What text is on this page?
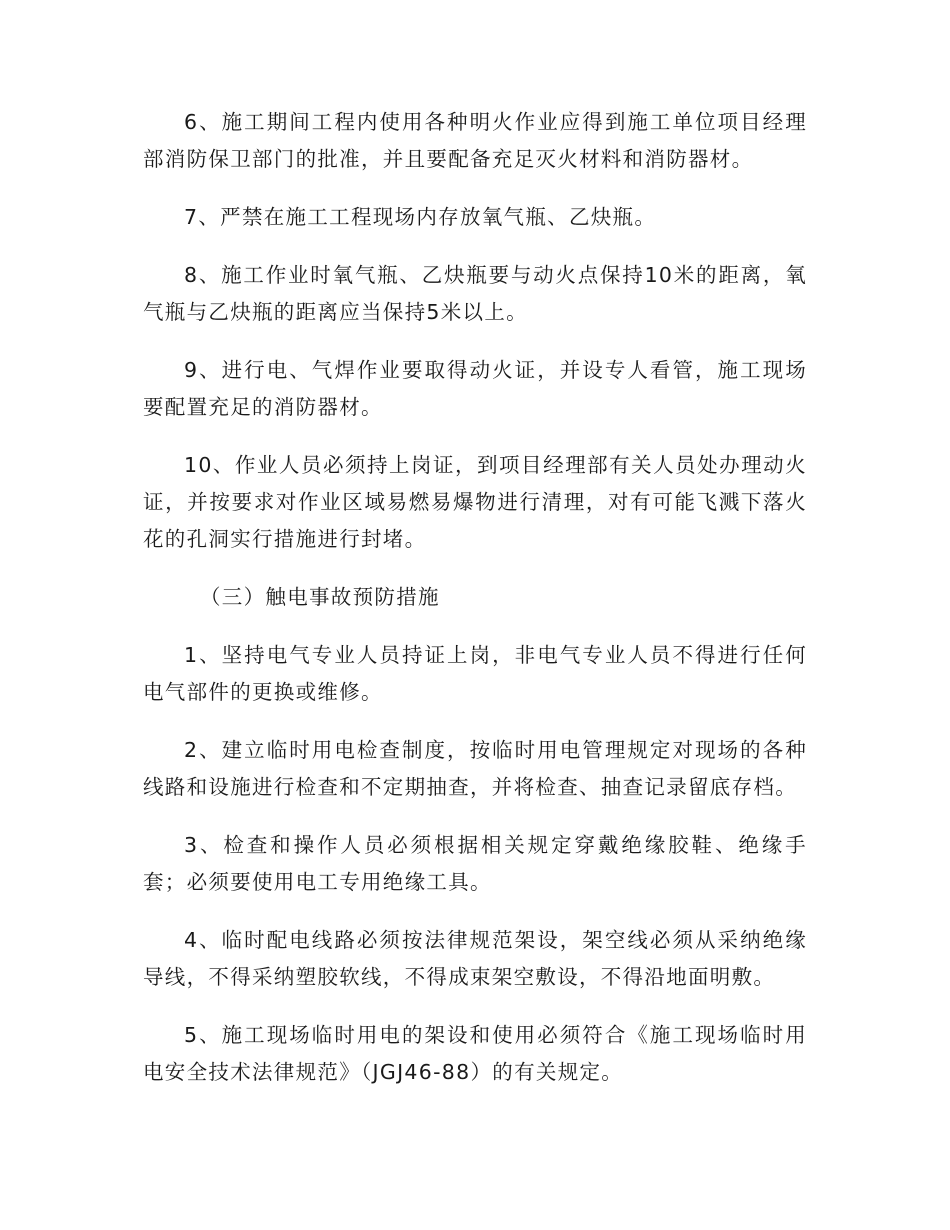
6、施工期间工程内使用各种明火作业应得到施工单位项目经理部消防保卫部门的批准，并且要配备充足灭火材料和消防器材。

7、严禁在施工工程现场内存放氧气瓶、乙炔瓶。

8、施工作业时氧气瓶、乙炔瓶要与动火点保持10米的距离，氧气瓶与乙炔瓶的距离应当保持5米以上。

9、进行电、气焊作业要取得动火证，并设专人看管，施工现场要配置充足的消防器材。

10、作业人员必须持上岗证，到项目经理部有关人员处办理动火证，并按要求对作业区域易燃易爆物进行清理，对有可能飞溅下落火花的孔洞实行措施进行封堵。

（三）触电事故预防措施

1、坚持电气专业人员持证上岗，非电气专业人员不得进行任何电气部件的更换或维修。

2、建立临时用电检查制度，按临时用电管理规定对现场的各种线路和设施进行检查和不定期抽查，并将检查、抽查记录留底存档。

3、检查和操作人员必须根据相关规定穿戴绝缘胶鞋、绝缘手套；必须要使用电工专用绝缘工具。

4、临时配电线路必须按法律规范架设，架空线必须从采纳绝缘导线，不得采纳塑胶软线，不得成束架空敷设，不得沿地面明敷。

5、施工现场临时用电的架设和使用必须符合《施工现场临时用电安全技术法律规范》（JGJ46-88）的有关规定。
